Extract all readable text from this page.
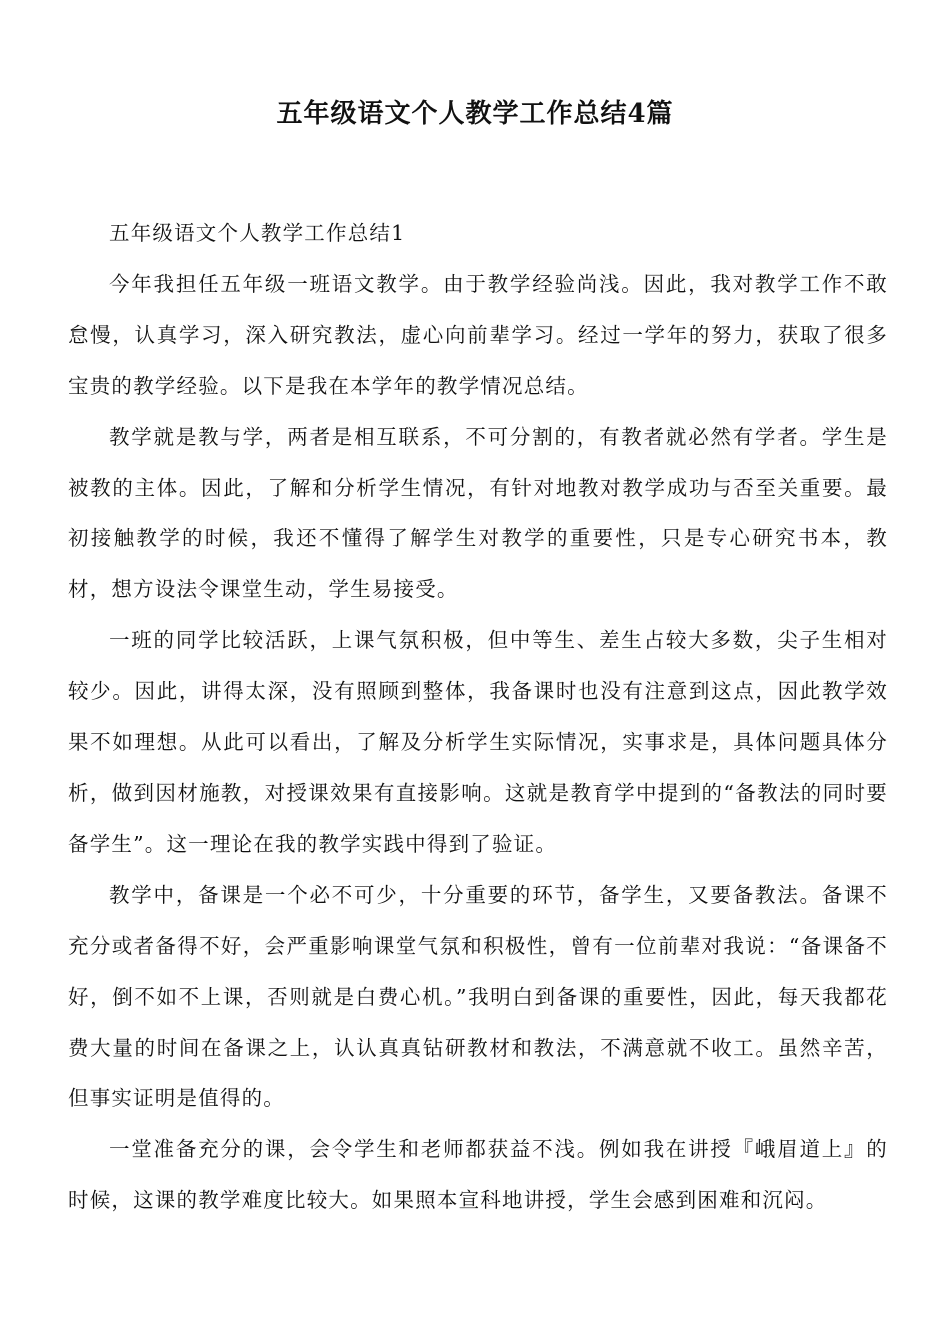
五年级语文个人教学工作总结4篇

五年级语文个人教学工作总结1

今年我担任五年级一班语文教学。由于教学经验尚浅。因此，我对教学工作不敢怠慢，认真学习，深入研究教法，虚心向前辈学习。经过一学年的努力，获取了很多宝贵的教学经验。以下是我在本学年的教学情况总结。

教学就是教与学，两者是相互联系，不可分割的，有教者就必然有学者。学生是被教的主体。因此，了解和分析学生情况，有针对地教对教学成功与否至关重要。最初接触教学的时候，我还不懂得了解学生对教学的重要性，只是专心研究书本，教材，想方设法令课堂生动，学生易接受。

一班的同学比较活跃，上课气氛积极，但中等生、差生占较大多数，尖子生相对较少。因此，讲得太深，没有照顾到整体，我备课时也没有注意到这点，因此教学效果不如理想。从此可以看出，了解及分析学生实际情况，实事求是，具体问题具体分析，做到因材施教，对授课效果有直接影响。这就是教育学中提到的“备教法的同时要备学生”。这一理论在我的教学实践中得到了验证。

教学中，备课是一个必不可少，十分重要的环节，备学生，又要备教法。备课不充分或者备得不好，会严重影响课堂气氛和积极性，曾有一位前辈对我说：“备课备不好，倒不如不上课，否则就是白费心机。”我明白到备课的重要性，因此，每天我都花费大量的时间在备课之上，认认真真钻研教材和教法，不满意就不收工。虽然辛苦，但事实证明是值得的。

一堂准备充分的课，会令学生和老师都获益不浅。例如我在讲授『峨眉道上』的时候，这课的教学难度比较大。如果照本宣科地讲授，学生会感到困难和沉闷。
